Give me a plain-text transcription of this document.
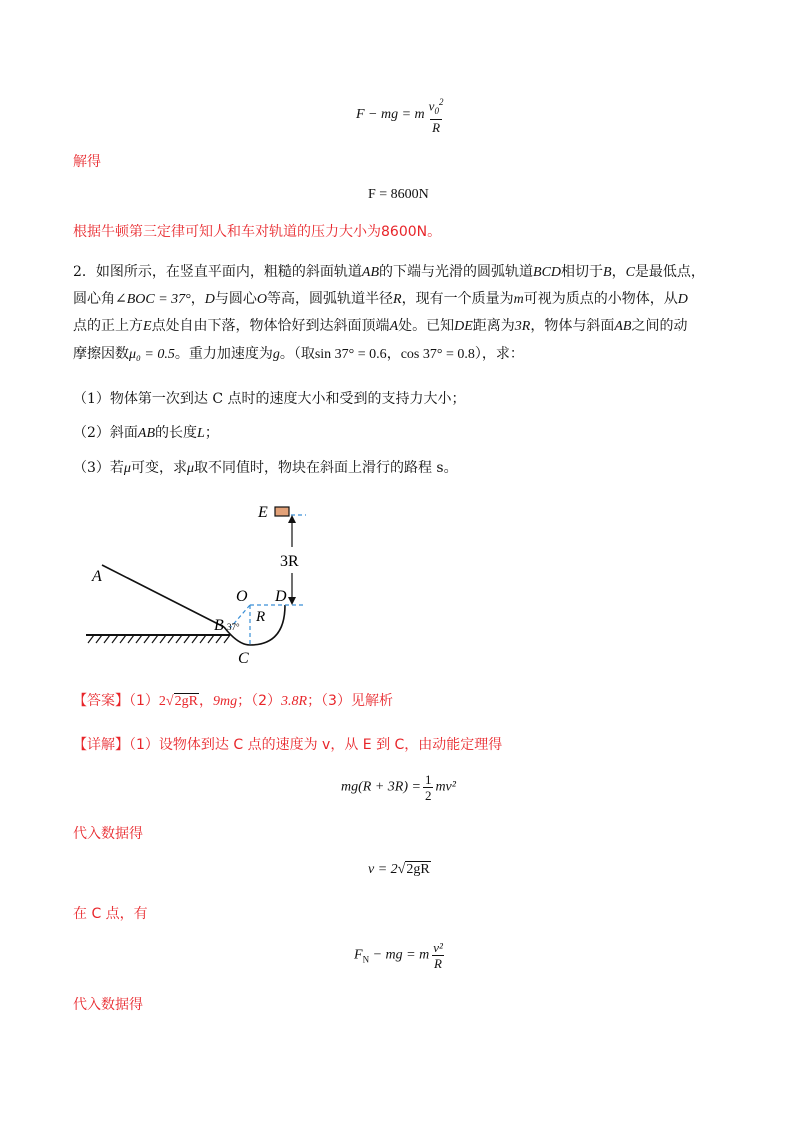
F − mg = m $\frac{v_0^2}{R}$
解得
F = 8600N
根据牛顿第三定律可知人和车对轨道的压力大小为8600N。
2．如图所示，在竖直平面内，粗糙的斜面轨道AB的下端与光滑的圆弧轨道BCD相切于B，C是最低点，
圆心角∠BOC = 37°，D与圆心O等高，圆弧轨道半径R，现有一个质量为m可视为质点的小物体，从D
点的正上方E点处自由下落，物体恰好到达斜面顶端A处。已知DE距离为3R，物体与斜面AB之间的动
摩擦因数μ₀ = 0.5。重力加速度为g。（取sin 37° = 0.6，cos 37° = 0.8），求：
（1）物体第一次到达 C 点时的速度大小和受到的支持力大小；
（2）斜面AB的长度L；
（3）若μ可变，求μ取不同值时，物块在斜面上滑行的路程 s。
E
3R
A
O D
R
B 37°
C
【答案】（1）2√2gR，9mg；（2）3.8R；（3）见解析
【详解】（1）设物体到达 C 点的速度为 v，从 E 到 C，由动能定理得
$mg(R + 3R) = \frac{1}{2} mv^2$
代入数据得
v = 2√2gR
在 C 点，有
$F_N$ − mg = m $\frac{\text{v²}}{R}$
代入数据得
